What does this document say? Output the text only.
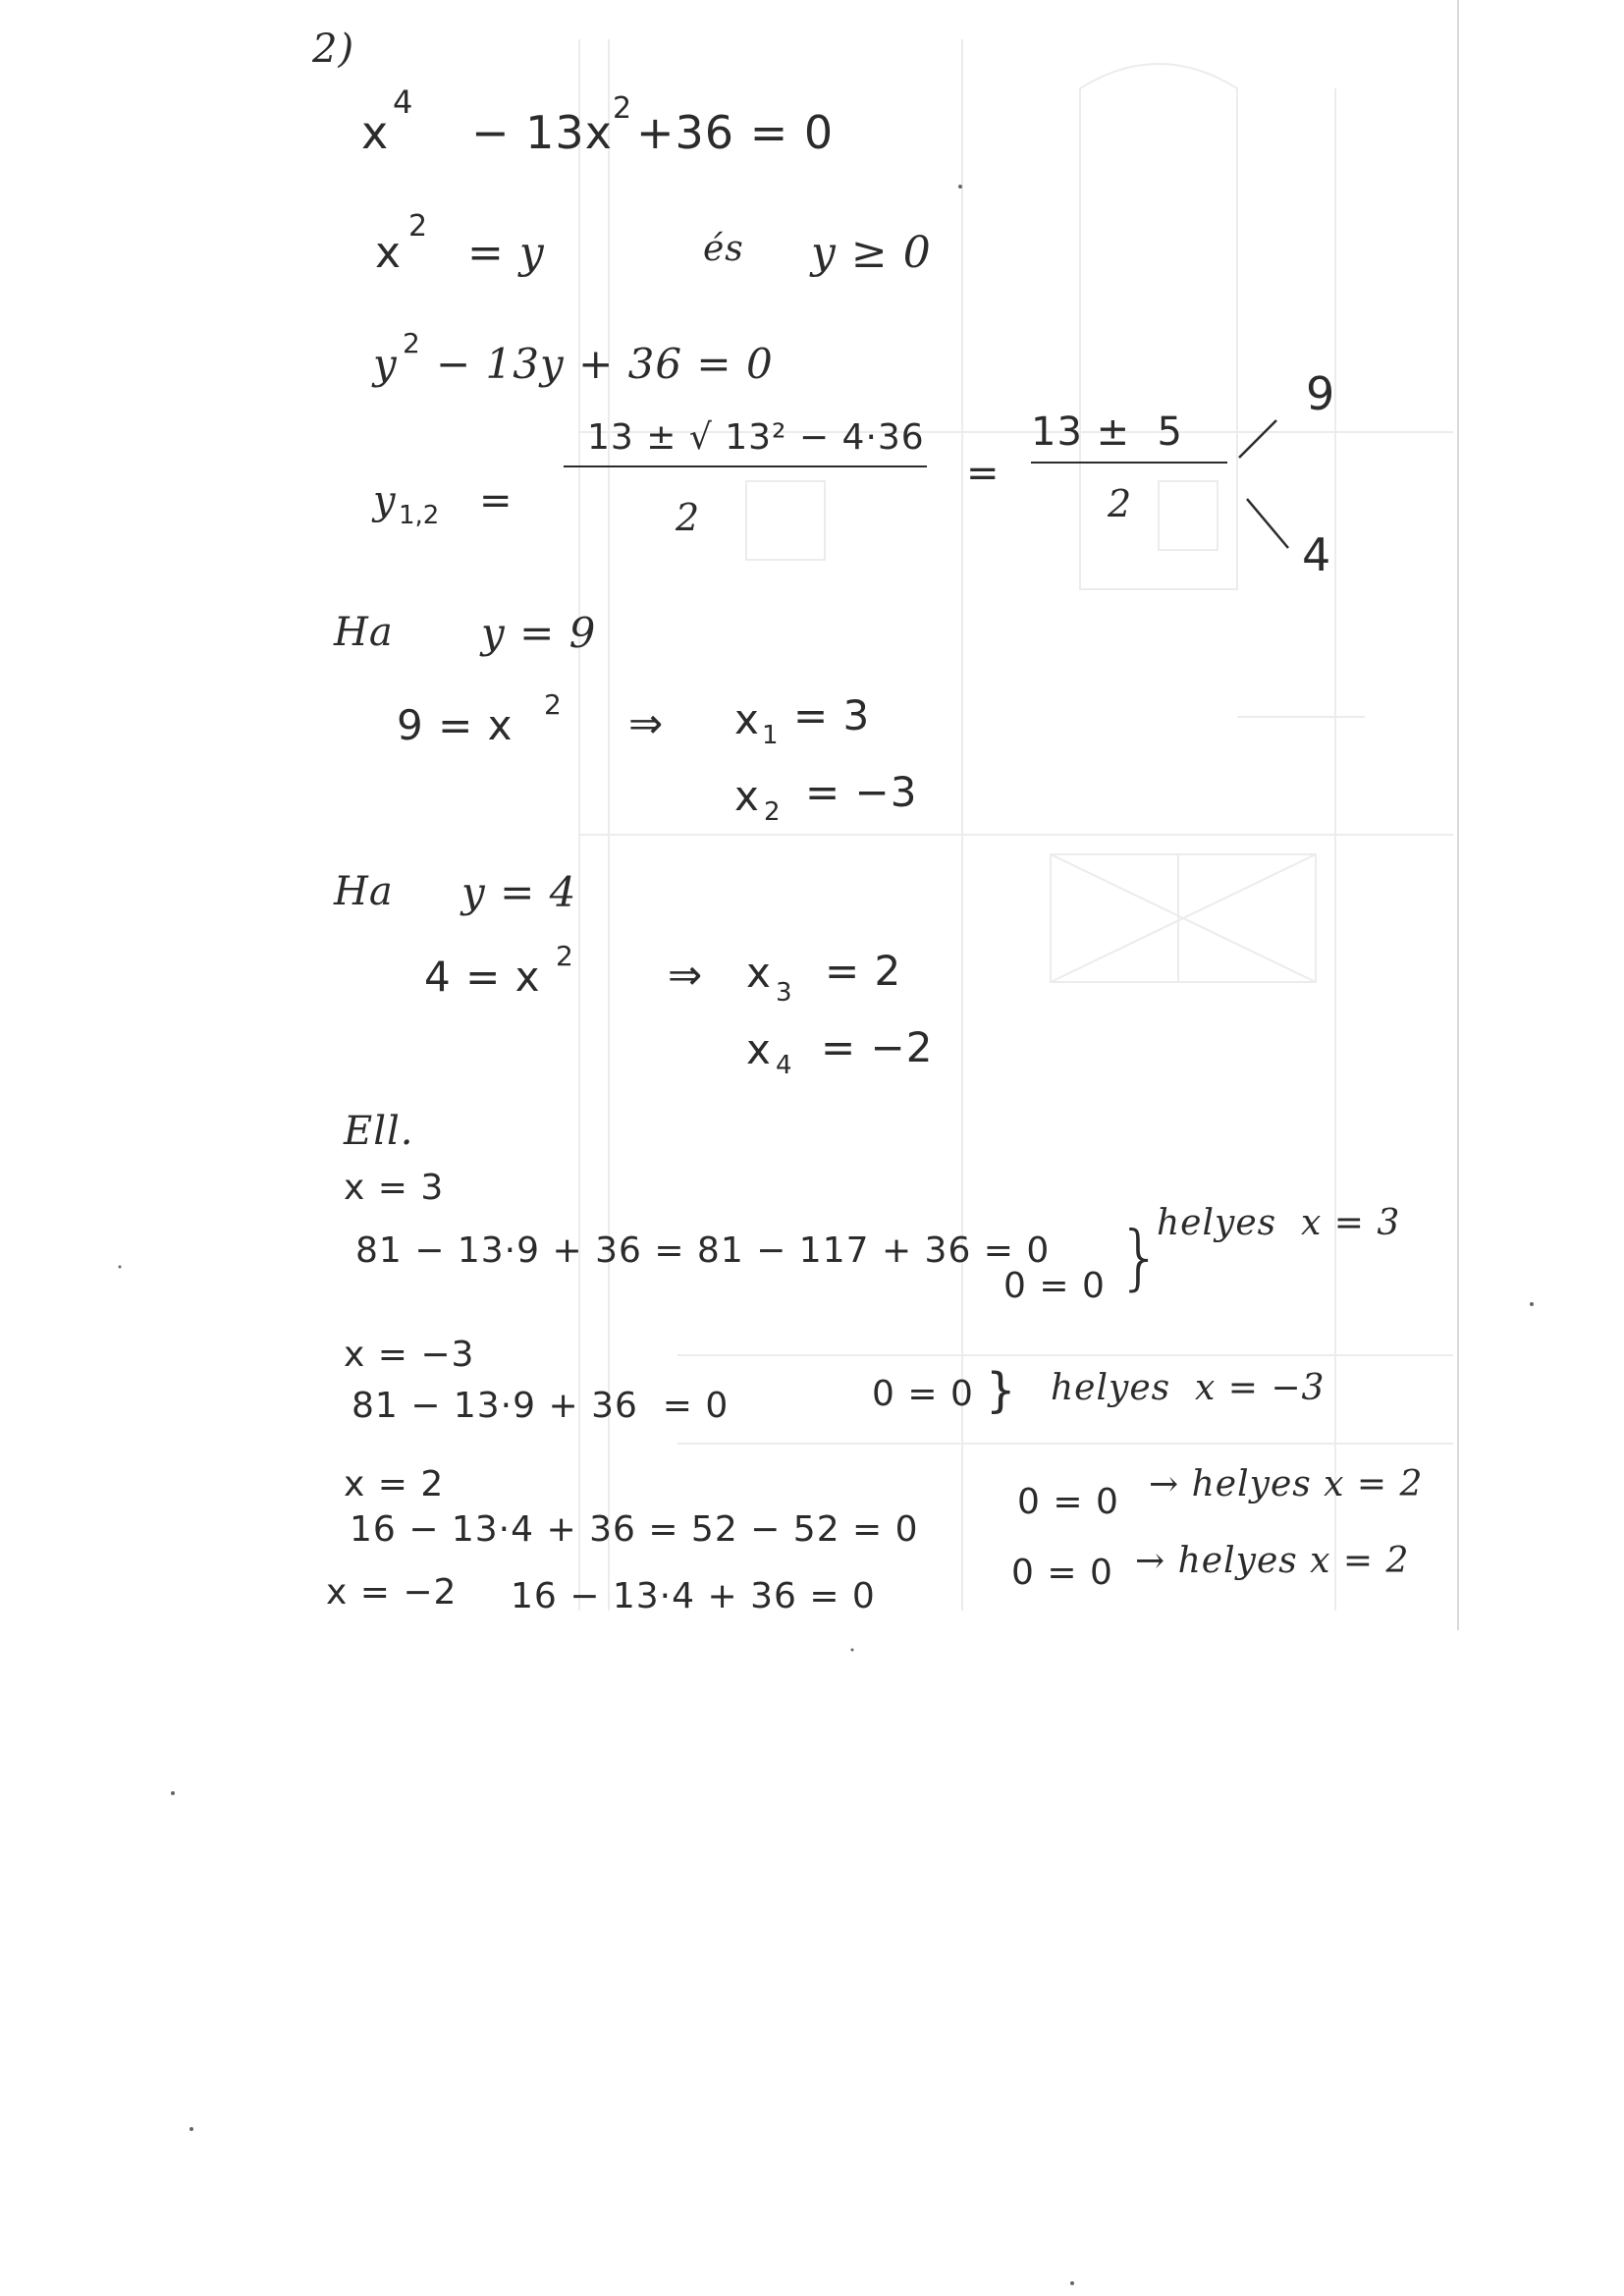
2)
x
4
− 13x 2 +36 = 0
x
2
= y	és y ≥ 0
y 2 − 13y + 36 = 0
y 1,2 =
13 ± √ 13² − 4·36
2
=
13 ±  5
2
9
4
Ha y = 9
9 = x 2 ⇒ x 1 = 3
x 2 = −3
Ha y = 4
4 = x 2 ⇒ x 3 = 2
x 4 = −2
Ell.
x = 3
81 − 13·9 + 36 = 81 − 117 + 36 = 0
0 = 0 }
helyes  x = 3
x = −3
81 − 13·9 + 36  = 0	0 = 0 } helyes  x = −3
x = 2
16 − 13·4 + 36 = 52 − 52 = 0
0 = 0 → helyes x = 2
x = −2 16 − 13·4 + 36 = 0
0 = 0 → helyes x = 2
